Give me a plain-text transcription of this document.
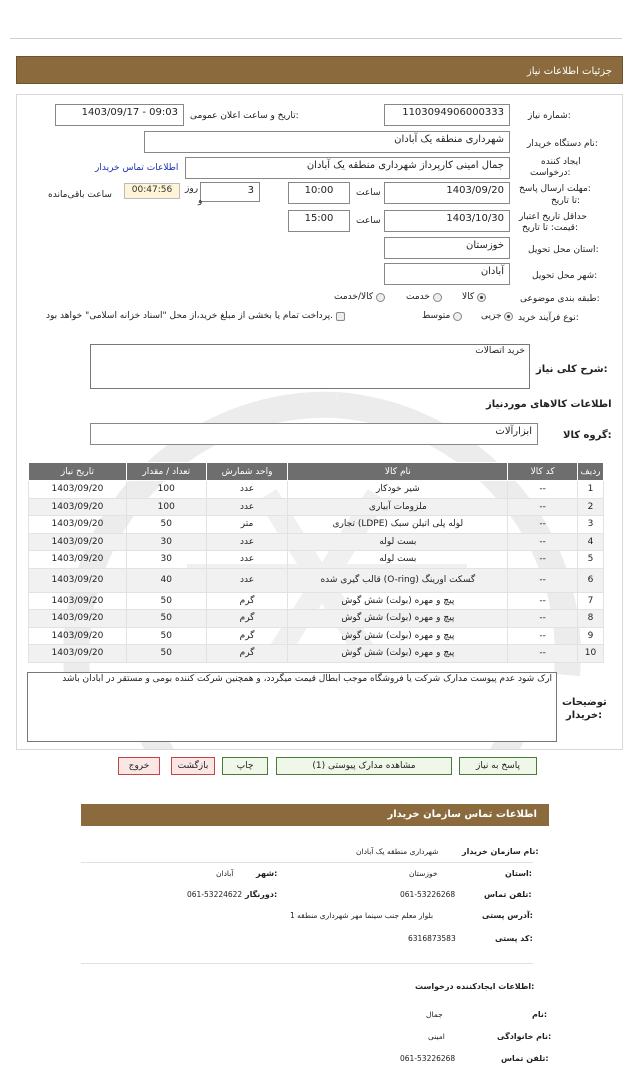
جزئیات اطلاعات نیاز
شماره نیاز:
1103094906000333
تاریخ و ساعت اعلان عمومی:
1403/09/17 - 09:03
نام دستگاه خریدار:
شهرداری منطقه یک آبادان
ایجاد کننده
درخواست:
جمال امینی کارپرداز شهرداری منطقه یک آبادان
اطلاعات تماس خریدار
مهلت ارسال پاسخ:
تا تاریخ:
1403/09/20
ساعت
10:00
3
روز
و
00:47:56
ساعت باقی‌مانده
حداقل تاریخ اعتبار
قیمت: تا تاریخ:
1403/10/30
ساعت
15:00
استان محل تحویل:
خوزستان
شهر محل تحویل:
آبادان
طبقه بندی موضوعی:
کالا
خدمت
کالا/خدمت
نوع فرآیند خرید:
جزیی
متوسط
پرداخت تمام یا بخشی از مبلغ خرید،از محل "اسناد خزانه اسلامی" خواهد بود.
شرح کلی نیاز:
خرید اتصالات
اطلاعات کالاهای موردنیاز
گروه کالا:
ابزارآلات
ردیف	کد کالا	نام کالا	واحد شمارش	تعداد / مقدار	تاریخ نیاز
1	--	شیر خودکار	عدد	100	1403/09/20
2	--	ملزومات آبیاری	عدد	100	1403/09/20
3	--	لوله پلی اتیلن سبک (LDPE) تجاری	متر	50	1403/09/20
4	--	بست لوله	عدد	30	1403/09/20
5	--	بست لوله	عدد	30	1403/09/20
6	--	گسکت اورینگ (O-ring) قالب گیری شده	عدد	40	1403/09/20
7	--	پیچ و مهره (بولت) شش گوش	گرم	50	1403/09/20
8	--	پیچ و مهره (بولت) شش گوش	گرم	50	1403/09/20
9	--	پیچ و مهره (بولت) شش گوش	گرم	50	1403/09/20
10	--	پیچ و مهره (بولت) شش گوش	گرم	50	1403/09/20
توضیحات
خریدار:
ارک شود عدم پیوست مدارک شرکت یا فروشگاه موجب ابطال قیمت میگردد، و همچنین شرکت کننده بومی و مستقر در ابادان باشد
پاسخ به نیاز
مشاهده مدارک پیوستی (1)
چاپ
بازگشت
خروج
اطلاعات تماس سازمان خریدار
نام سازمان خریدار:
شهرداری منطقه یک آبادان
استان:
خوزستان
شهر:
آبادان
تلفن تماس:
061-53226268
دورنگار:
061-53224622
آدرس پستی:
بلوار معلم جنب سینما مهر شهرداری منطقه 1
کد پستی:
6316873583
اطلاعات ایجادکننده درخواست:
نام:
جمال
نام خانوادگی:
امینی
تلفن تماس:
061-53226268
